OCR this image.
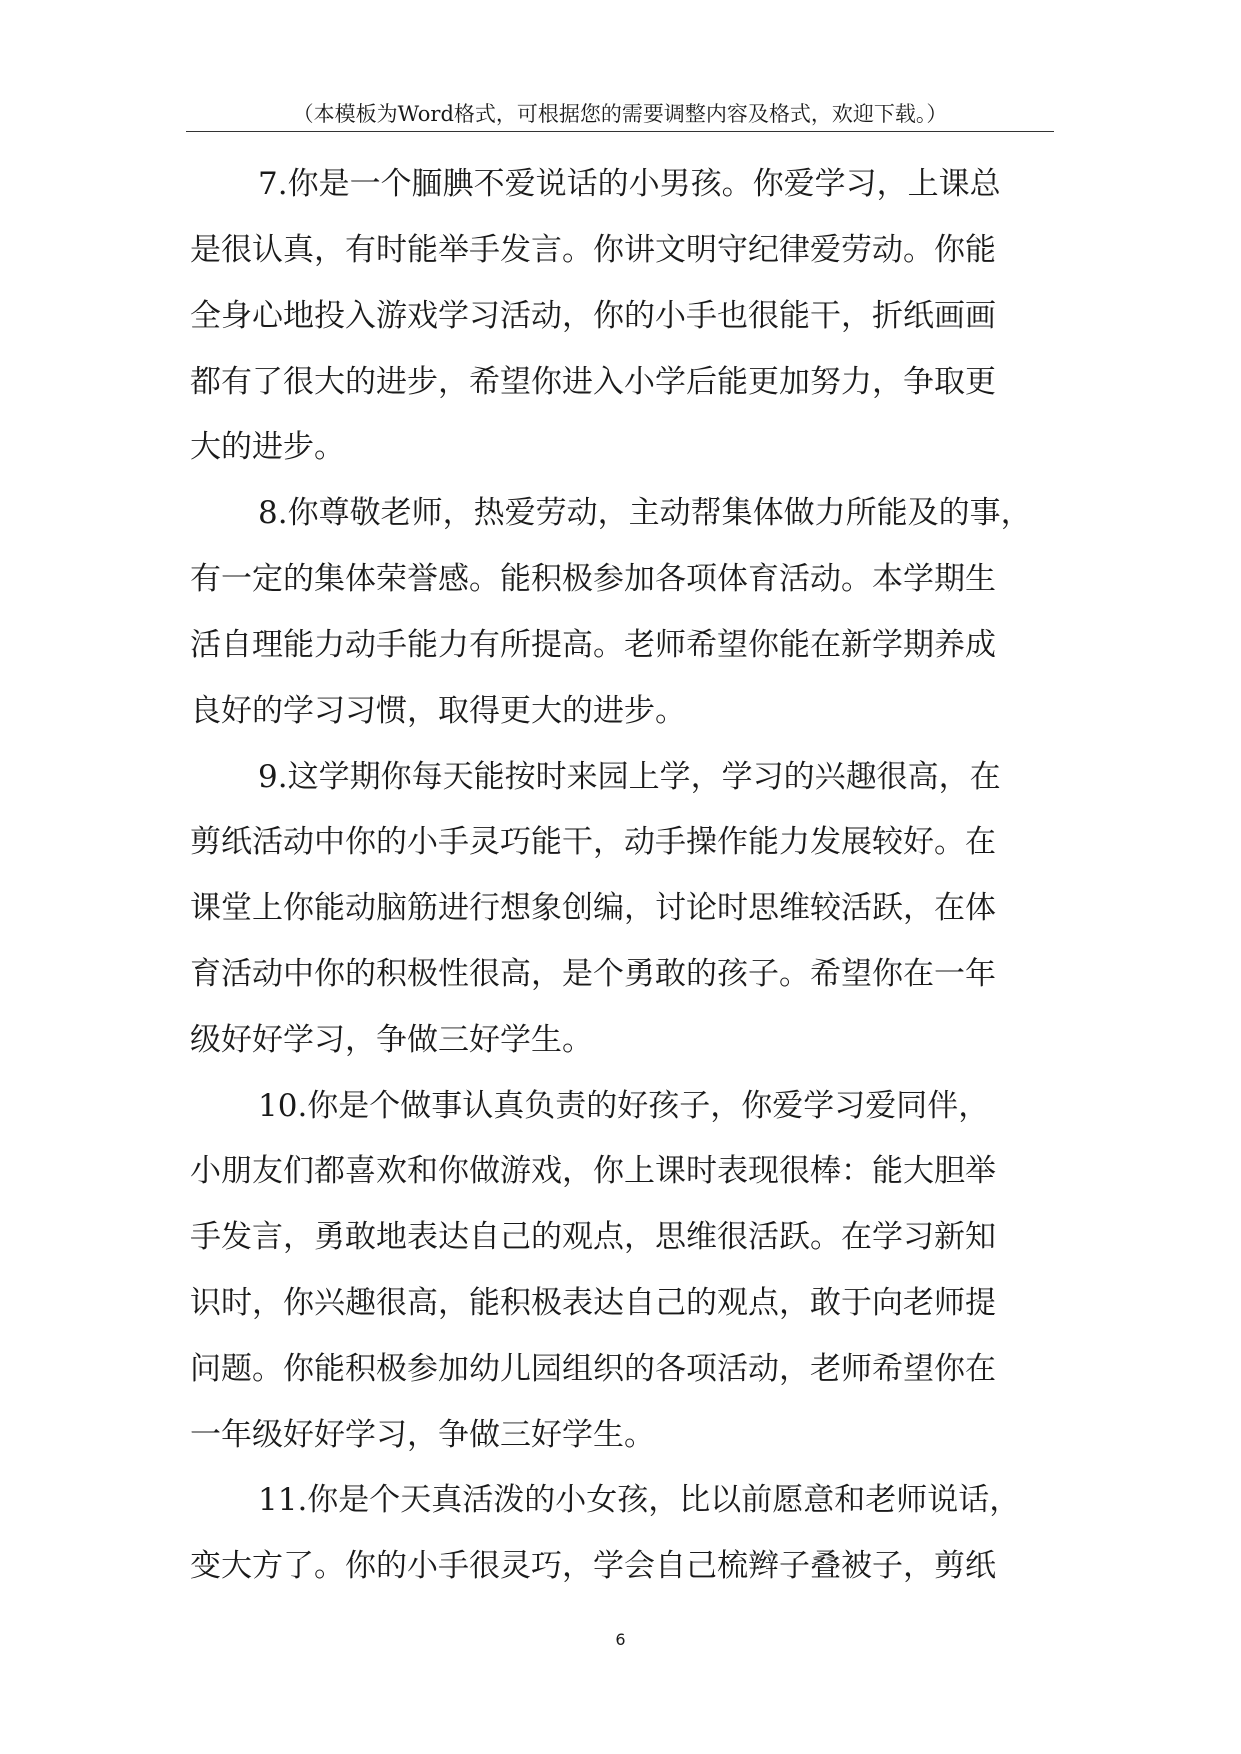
（本模板为Word格式，可根据您的需要调整内容及格式，欢迎下载。）
7.你是一个腼腆不爱说话的小男孩。你爱学习，上课总
是很认真，有时能举手发言。你讲文明守纪律爱劳动。你能
全身心地投入游戏学习活动，你的小手也很能干，折纸画画
都有了很大的进步，希望你进入小学后能更加努力，争取更
大的进步。
8.你尊敬老师，热爱劳动，主动帮集体做力所能及的事，
有一定的集体荣誉感。能积极参加各项体育活动。本学期生
活自理能力动手能力有所提高。老师希望你能在新学期养成
良好的学习习惯，取得更大的进步。
9.这学期你每天能按时来园上学，学习的兴趣很高，在
剪纸活动中你的小手灵巧能干，动手操作能力发展较好。在
课堂上你能动脑筋进行想象创编，讨论时思维较活跃，在体
育活动中你的积极性很高，是个勇敢的孩子。希望你在一年
级好好学习，争做三好学生。
10.你是个做事认真负责的好孩子，你爱学习爱同伴，
小朋友们都喜欢和你做游戏，你上课时表现很棒：能大胆举
手发言，勇敢地表达自己的观点，思维很活跃。在学习新知
识时，你兴趣很高，能积极表达自己的观点，敢于向老师提
问题。你能积极参加幼儿园组织的各项活动，老师希望你在
一年级好好学习，争做三好学生。
11.你是个天真活泼的小女孩，比以前愿意和老师说话，
变大方了。你的小手很灵巧，学会自己梳辫子叠被子，剪纸
6
